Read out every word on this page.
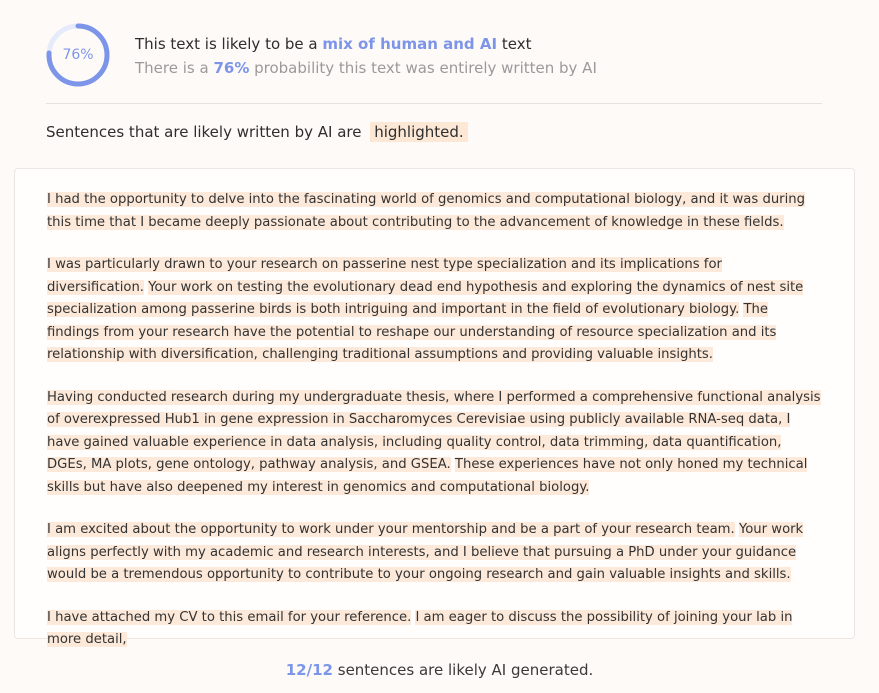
76%
This text is likely to be a mix of human and AI text
There is a 76% probability this text was entirely written by AI
Sentences that are likely written by AI are highlighted.

I had the opportunity to delve into the fascinating world of genomics and computational biology, and it was during this time that I became deeply passionate about contributing to the advancement of knowledge in these fields.

I was particularly drawn to your research on passerine nest type specialization and its implications for diversification. Your work on testing the evolutionary dead end hypothesis and exploring the dynamics of nest site specialization among passerine birds is both intriguing and important in the field of evolutionary biology. The findings from your research have the potential to reshape our understanding of resource specialization and its relationship with diversification, challenging traditional assumptions and providing valuable insights.

Having conducted research during my undergraduate thesis, where I performed a comprehensive functional analysis of overexpressed Hub1 in gene expression in Saccharomyces Cerevisiae using publicly available RNA-seq data, I have gained valuable experience in data analysis, including quality control, data trimming, data quantification, DGEs, MA plots, gene ontology, pathway analysis, and GSEA. These experiences have not only honed my technical skills but have also deepened my interest in genomics and computational biology.

I am excited about the opportunity to work under your mentorship and be a part of your research team. Your work aligns perfectly with my academic and research interests, and I believe that pursuing a PhD under your guidance would be a tremendous opportunity to contribute to your ongoing research and gain valuable insights and skills.

I have attached my CV to this email for your reference. I am eager to discuss the possibility of joining your lab in more detail,

12/12 sentences are likely AI generated.
